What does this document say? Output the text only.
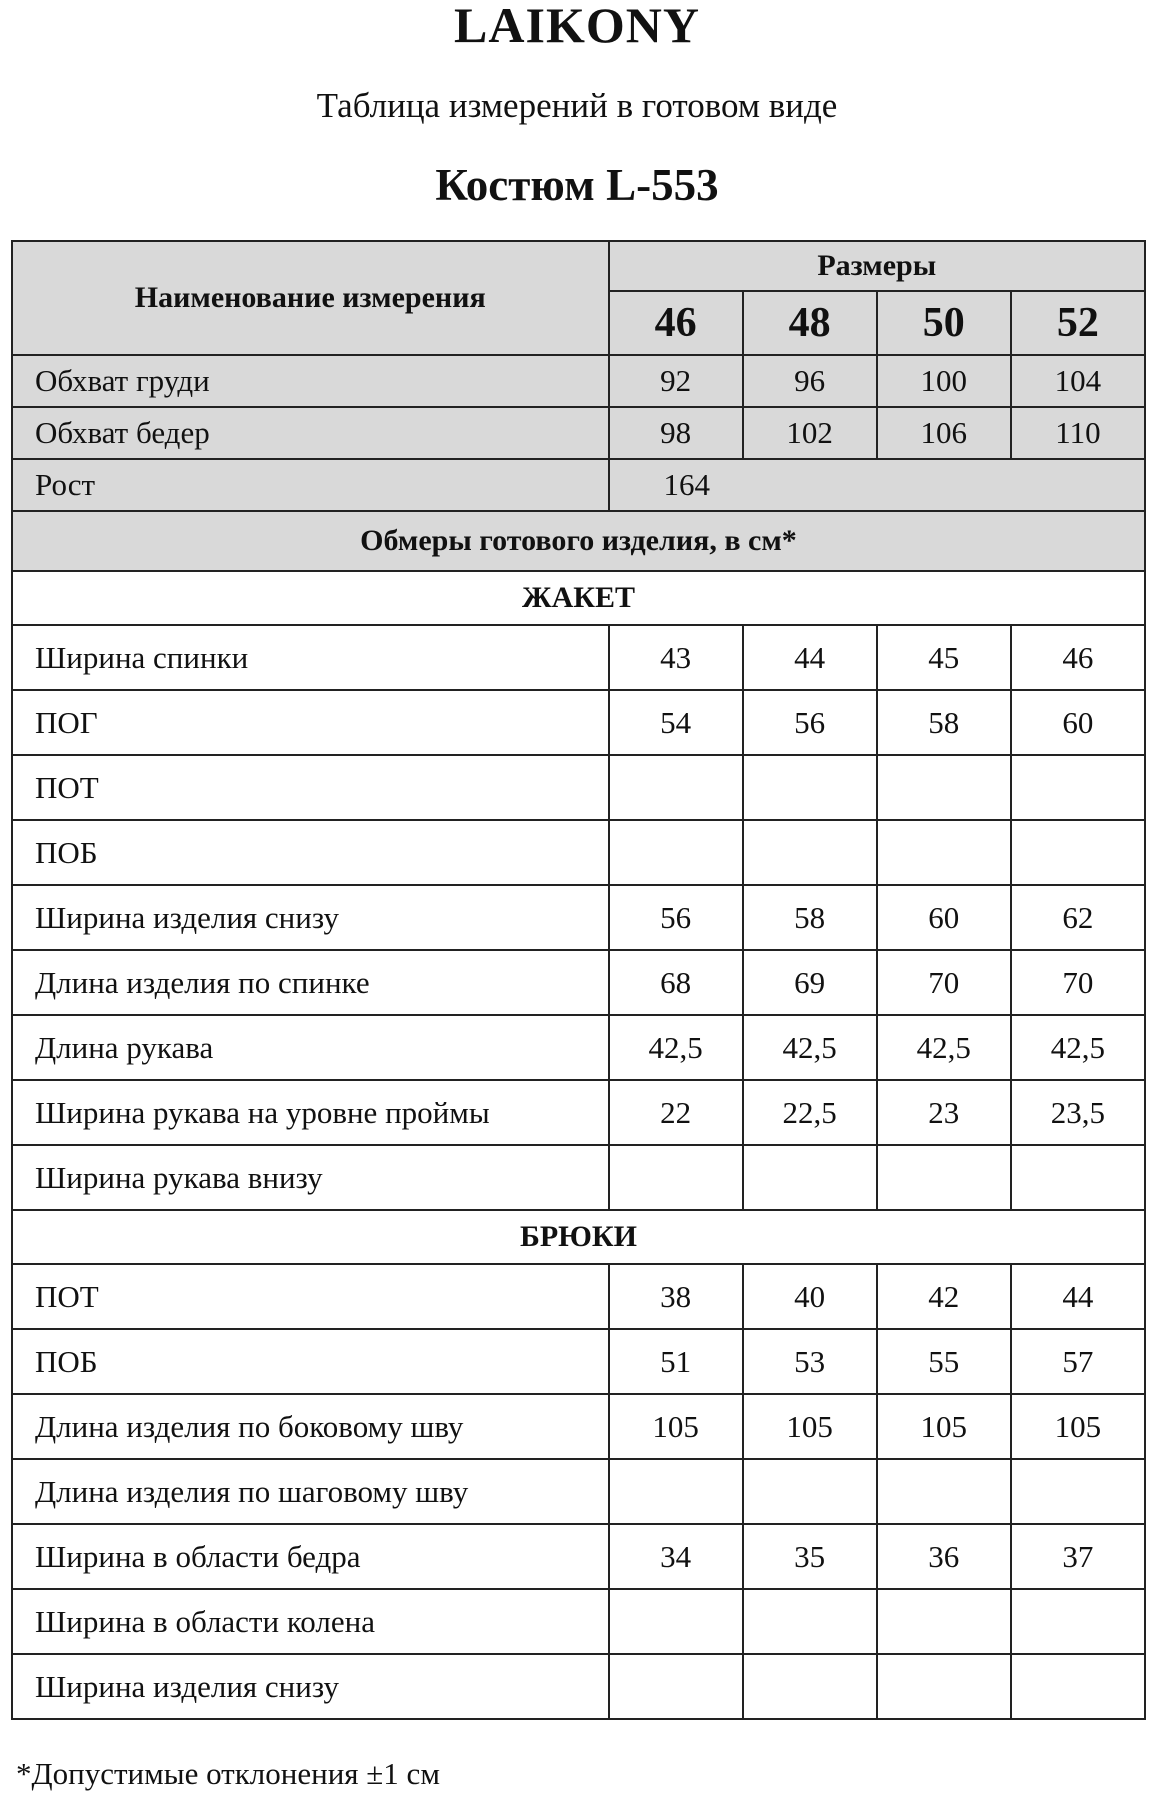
LAIKONY
Таблица измерений в готовом виде
Костюм L-553
Наименование измерения	Размеры			
	46	48	50	52
Обхват груди	92	96	100	104
Обхват бедер	98	102	106	110
Рост	164			
Обмеры готового изделия, в см*				
ЖАКЕТ				
Ширина спинки	43	44	45	46
ПОГ	54	56	58	60
ПОТ				
ПОБ				
Ширина изделия снизу	56	58	60	62
Длина изделия по спинке	68	69	70	70
Длина рукава	42,5	42,5	42,5	42,5
Ширина рукава на уровне проймы	22	22,5	23	23,5
Ширина рукава внизу				
БРЮКИ				
ПОТ	38	40	42	44
ПОБ	51	53	55	57
Длина изделия по боковому шву	105	105	105	105
Длина изделия по шаговому шву				
Ширина в области бедра	34	35	36	37
Ширина в области колена				
Ширина изделия снизу				
*Допустимые отклонения ±1 см
